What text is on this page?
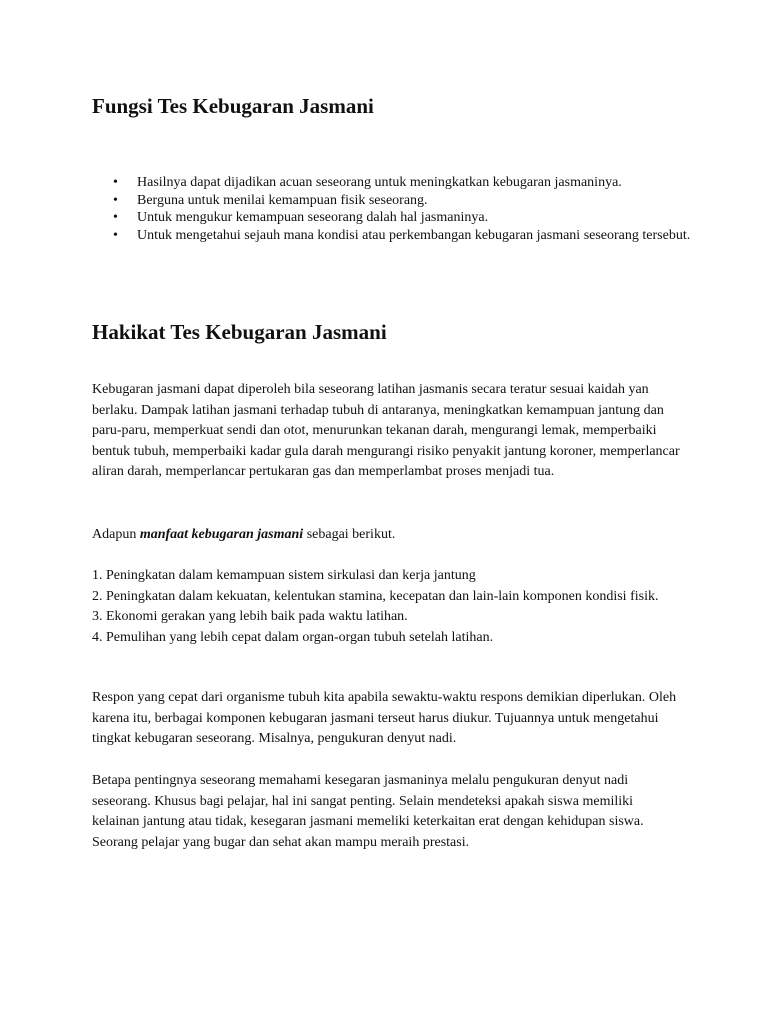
Fungsi Tes Kebugaran Jasmani
• Hasilnya dapat dijadikan acuan seseorang untuk meningkatkan kebugaran jasmaninya.
• Berguna untuk menilai kemampuan fisik seseorang.
• Untuk mengukur kemampuan seseorang dalah hal jasmaninya.
• Untuk mengetahui sejauh mana kondisi atau perkembangan kebugaran jasmani seseorang tersebut.
Hakikat Tes Kebugaran Jasmani

Kebugaran jasmani dapat diperoleh bila seseorang latihan jasmanis secara teratur sesuai kaidah yan berlaku. Dampak latihan jasmani terhadap tubuh di antaranya, meningkatkan kemampuan jantung dan paru-paru, memperkuat sendi dan otot, menurunkan tekanan darah, mengurangi lemak, memperbaiki bentuk tubuh, memperbaiki kadar gula darah mengurangi risiko penyakit jantung koroner, memperlancar aliran darah, memperlancar pertukaran gas dan memperlambat proses menjadi tua.

Adapun manfaat kebugaran jasmani sebagai berikut.

1. Peningkatan dalam kemampuan sistem sirkulasi dan kerja jantung
2. Peningkatan dalam kekuatan, kelentukan stamina, kecepatan dan lain-lain komponen kondisi fisik.
3. Ekonomi gerakan yang lebih baik pada waktu latihan.
4. Pemulihan yang lebih cepat dalam organ-organ tubuh setelah latihan.

Respon yang cepat dari organisme tubuh kita apabila sewaktu-waktu respons demikian diperlukan. Oleh karena itu, berbagai komponen kebugaran jasmani terseut harus diukur. Tujuannya untuk mengetahui tingkat kebugaran seseorang. Misalnya, pengukuran denyut nadi.

Betapa pentingnya seseorang memahami kesegaran jasmaninya melalu pengukuran denyut nadi seseorang. Khusus bagi pelajar, hal ini sangat penting. Selain mendeteksi apakah siswa memiliki kelainan jantung atau tidak, kesegaran jasmani memeliki keterkaitan erat dengan kehidupan siswa. Seorang pelajar yang bugar dan sehat akan mampu meraih prestasi.
